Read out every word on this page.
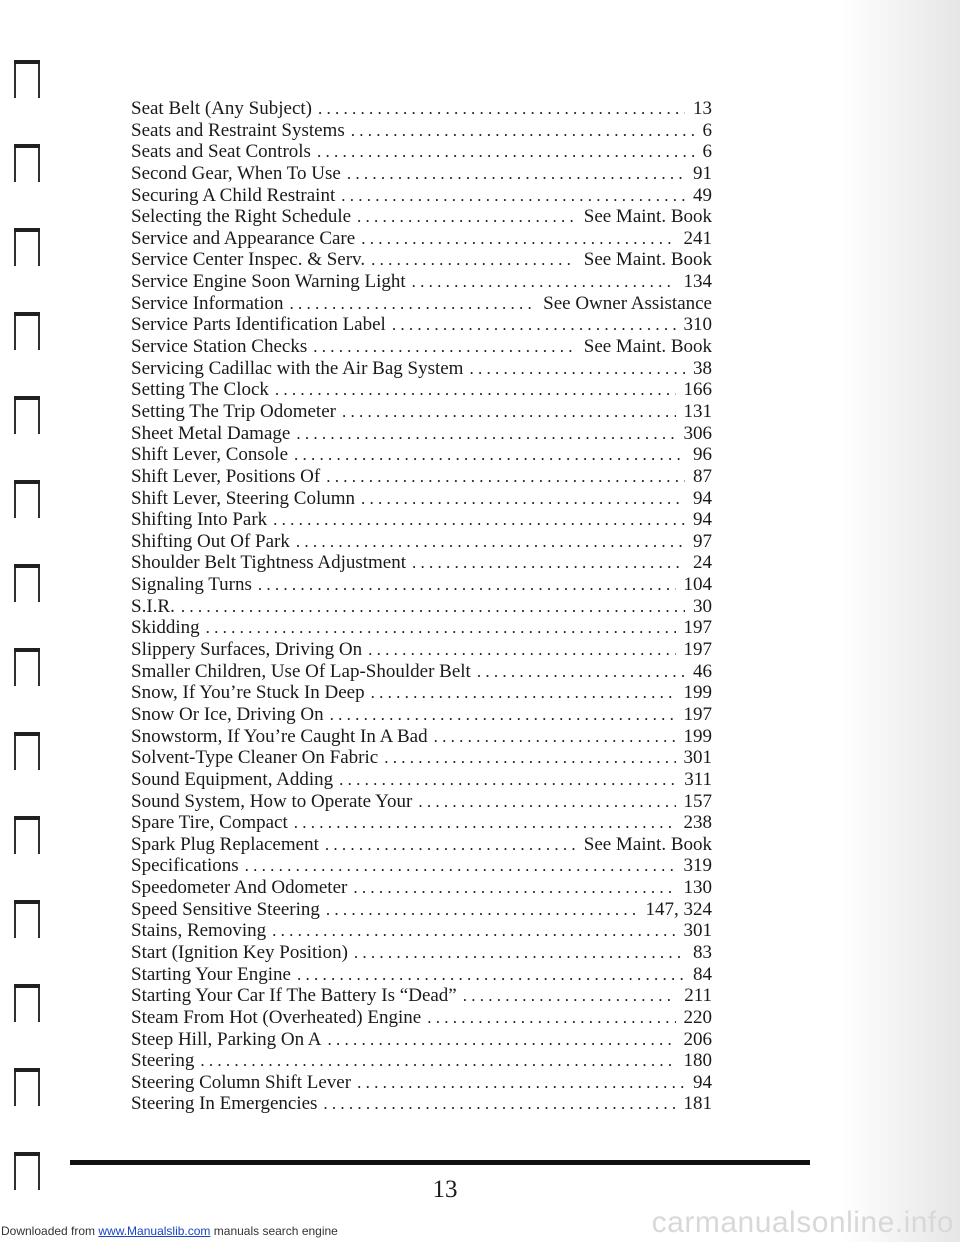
Seat Belt (Any Subject) . . .	13
Seats and Restraint Systems . . .	6
Seats and Seat Controls . . .	6
Second Gear, When To Use . . .	91
Securing A Child Restraint . . .	49
Selecting the Right Schedule . . .	See Maint. Book
Service and Appearance Care . . .	241
Service Center Inspec. & Serv. . . .	See Maint. Book
Service Engine Soon Warning Light . . .	134
Service Information . . .	See Owner Assistance
Service Parts Identification Label . . .	310
Service Station Checks . . .	See Maint. Book
Servicing Cadillac with the Air Bag System . . .	38
Setting The Clock . . .	166
Setting The Trip Odometer . . .	131
Sheet Metal Damage . . .	306
Shift Lever, Console . . .	96
Shift Lever, Positions Of . . .	87
Shift Lever, Steering Column . . .	94
Shifting Into Park . . .	94
Shifting Out Of Park . . .	97
Shoulder Belt Tightness Adjustment . . .	24
Signaling Turns . . .	104
S.I.R. . . .	30
Skidding . . .	197
Slippery Surfaces, Driving On . . .	197
Smaller Children, Use Of Lap-Shoulder Belt . . .	46
Snow, If You’re Stuck In Deep . . .	199
Snow Or Ice, Driving On . . .	197
Snowstorm, If You’re Caught In A Bad . . .	199
Solvent-Type Cleaner On Fabric . . .	301
Sound Equipment, Adding . . .	311
Sound System, How to Operate Your . . .	157
Spare Tire, Compact . . .	238
Spark Plug Replacement . . .	See Maint. Book
Specifications . . .	319
Speedometer And Odometer . . .	130
Speed Sensitive Steering . . .	147, 324
Stains, Removing . . .	301
Start (Ignition Key Position) . . .	83
Starting Your Engine . . .	84
Starting Your Car If The Battery Is “Dead” . . .	211
Steam From Hot (Overheated) Engine . . .	220
Steep Hill, Parking On A . . .	206
Steering . . .	180
Steering Column Shift Lever . . .	94
Steering In Emergencies . . .	181
13
carmanualsonline.info
Downloaded from www.Manualslib.com manuals search engine
